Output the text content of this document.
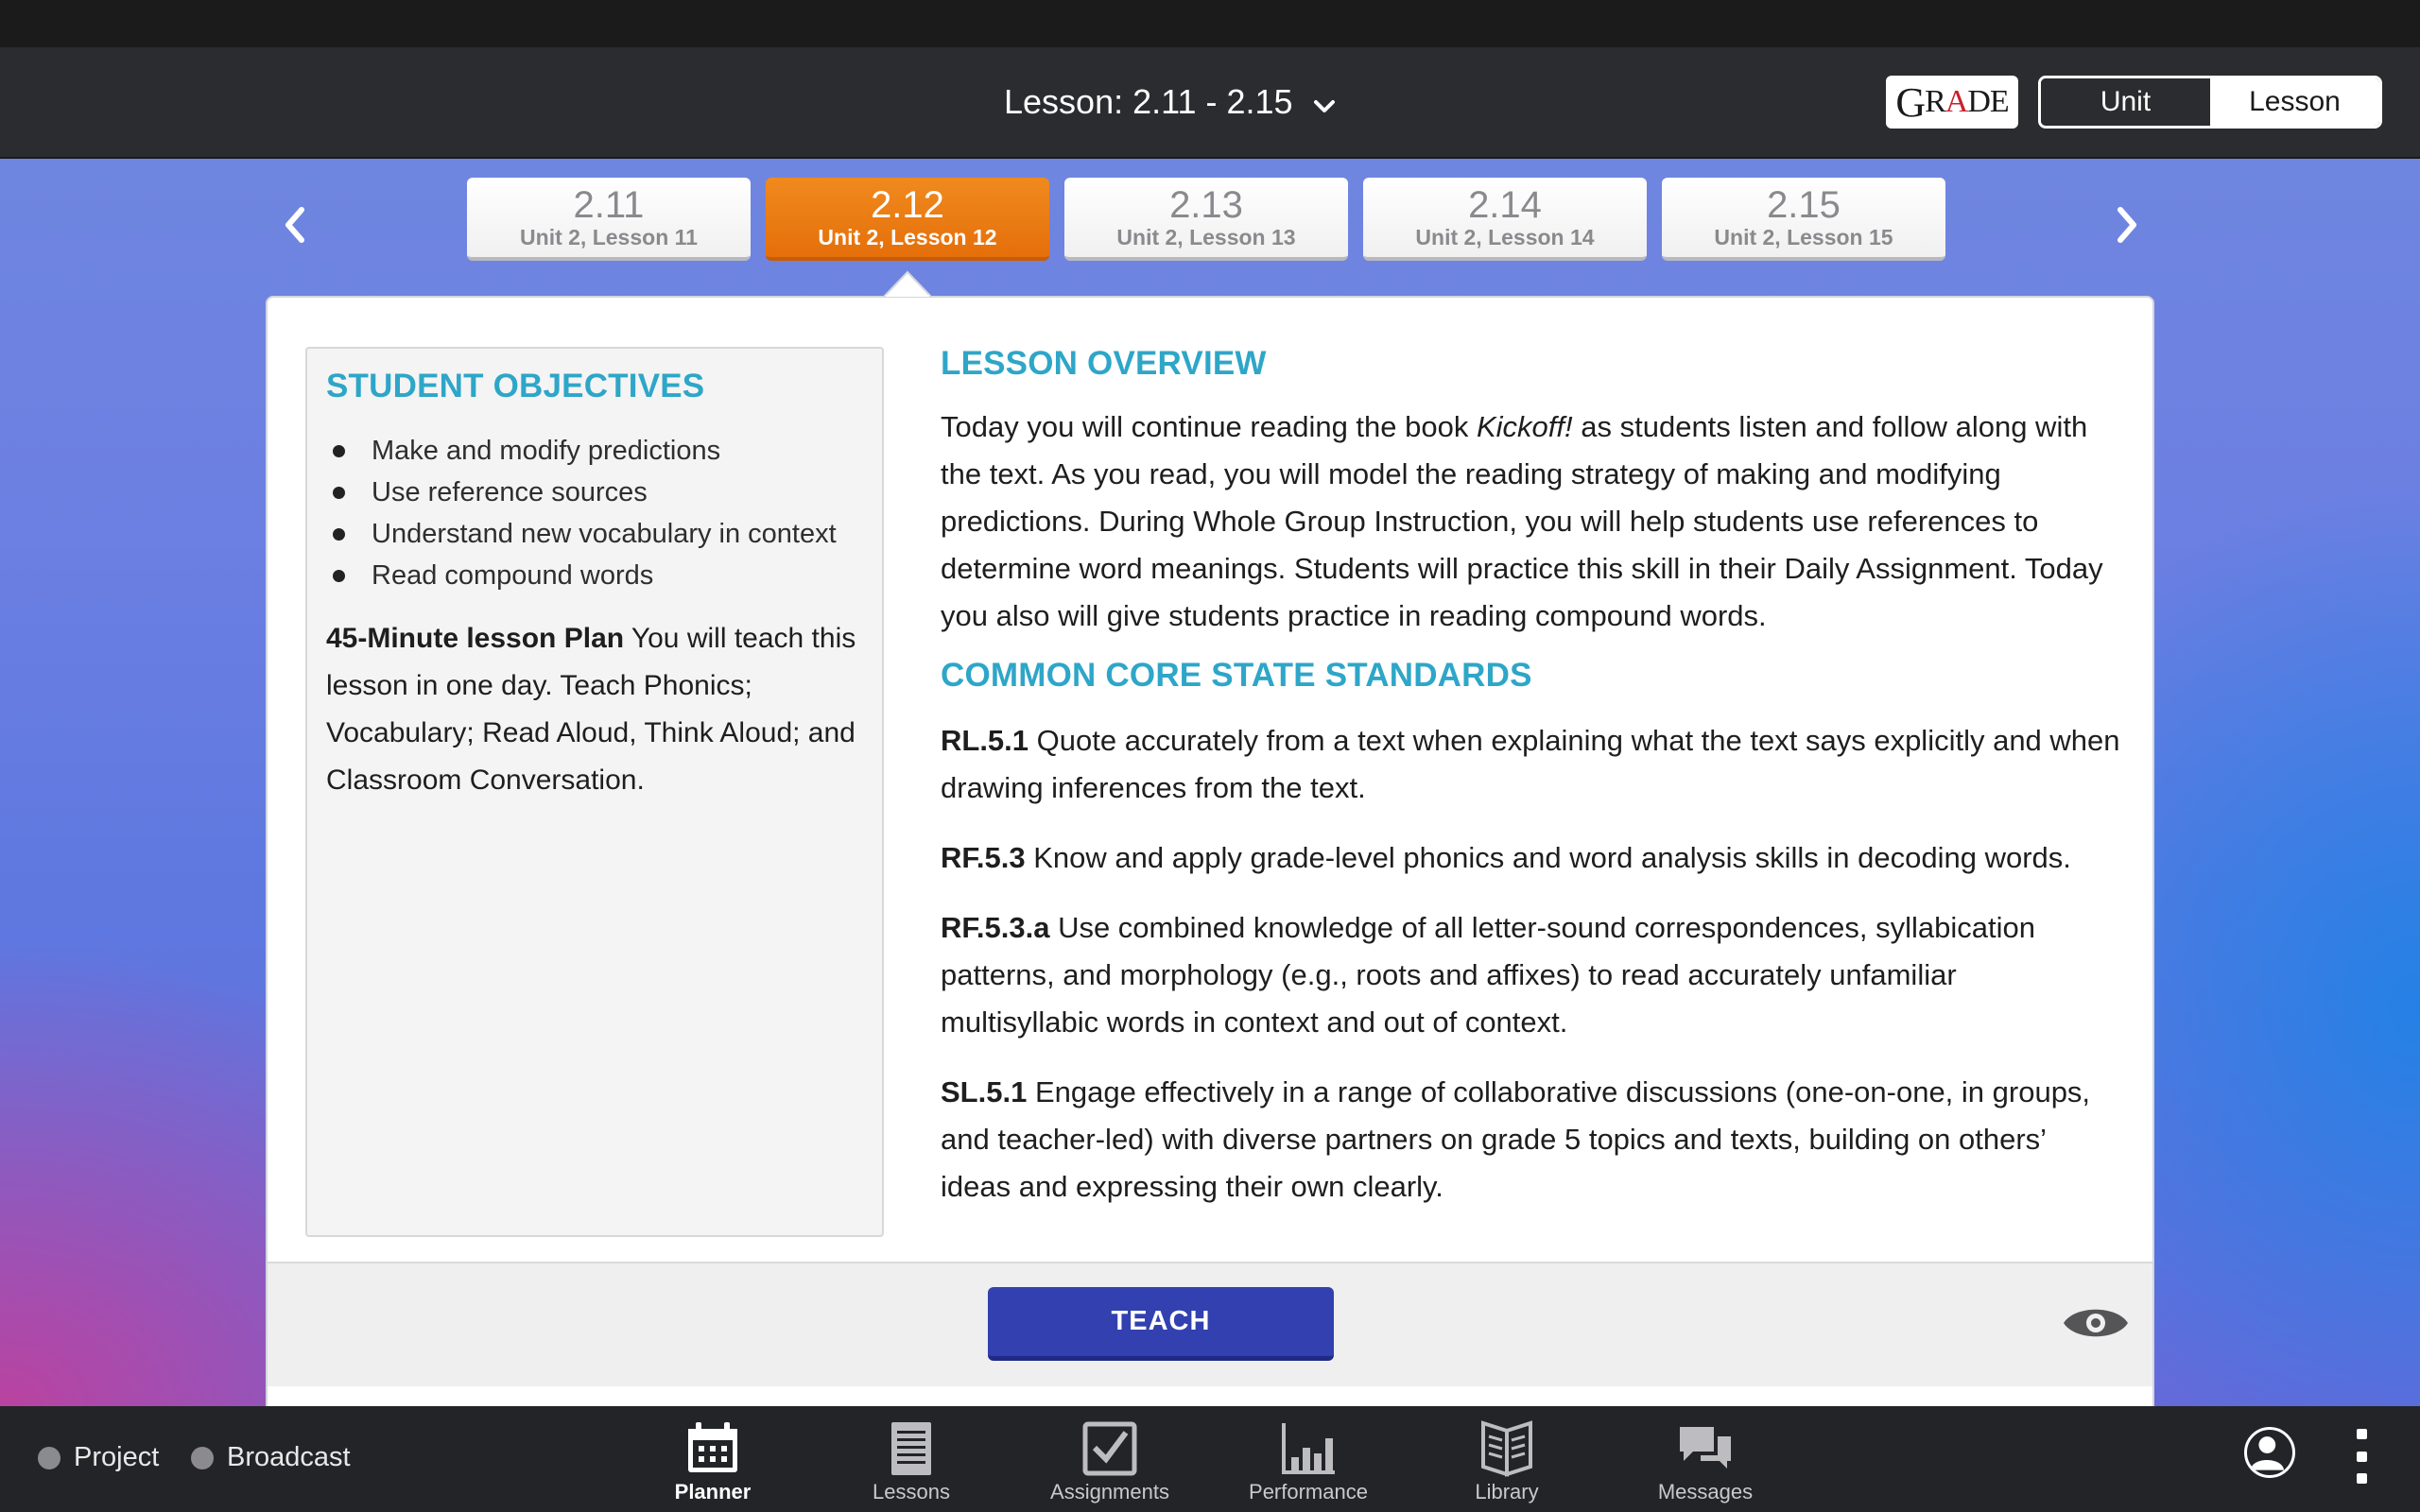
Lesson: 2.11 - 2.15	G R A DE	Unit	Lesson
2.11
Unit 2, Lesson 11
2.12
Unit 2, Lesson 12
2.13
Unit 2, Lesson 13
2.14
Unit 2, Lesson 14
2.15
Unit 2, Lesson 15
STUDENT OBJECTIVES
Make and modify predictions
Use reference sources
Understand new vocabulary in context
Read compound words

45-Minute lesson Plan You will teach this lesson in one day. Teach Phonics; Vocabulary; Read Aloud, Think Aloud; and Classroom Conversation.

LESSON OVERVIEW

Today you will continue reading the book Kickoff! as students listen and follow along with the text. As you read, you will model the reading strategy of making and modifying predictions. During Whole Group Instruction, you will help students use references to determine word meanings. Students will practice this skill in their Daily Assignment. Today you also will give students practice in reading compound words.

COMMON CORE STATE STANDARDS

RL.5.1 Quote accurately from a text when explaining what the text says explicitly and when drawing inferences from the text.

RF.5.3 Know and apply grade-level phonics and word analysis skills in decoding words.

RF.5.3.a Use combined knowledge of all letter-sound correspondences, syllabication patterns, and morphology (e.g., roots and affixes) to read accurately unfamiliar multisyllabic words in context and out of context.

SL.5.1 Engage effectively in a range of collaborative discussions (one-on-one, in groups, and teacher-led) with diverse partners on grade 5 topics and texts, building on others’ ideas and expressing their own clearly.

TEACH
Project Broadcast
Planner	Lessons	Assignments	Performance	Library	Messages
